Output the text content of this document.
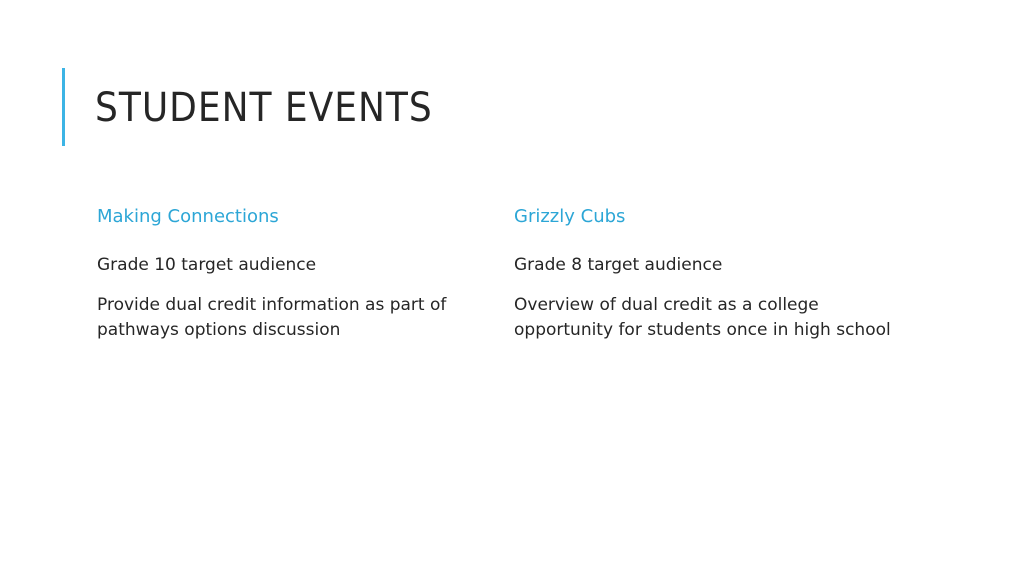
STUDENT EVENTS
Making Connections

Grade 10 target audience

Provide dual credit information as part of pathways options discussion

Grizzly Cubs

Grade 8 target audience

Overview of dual credit as a college opportunity for students once in high school
